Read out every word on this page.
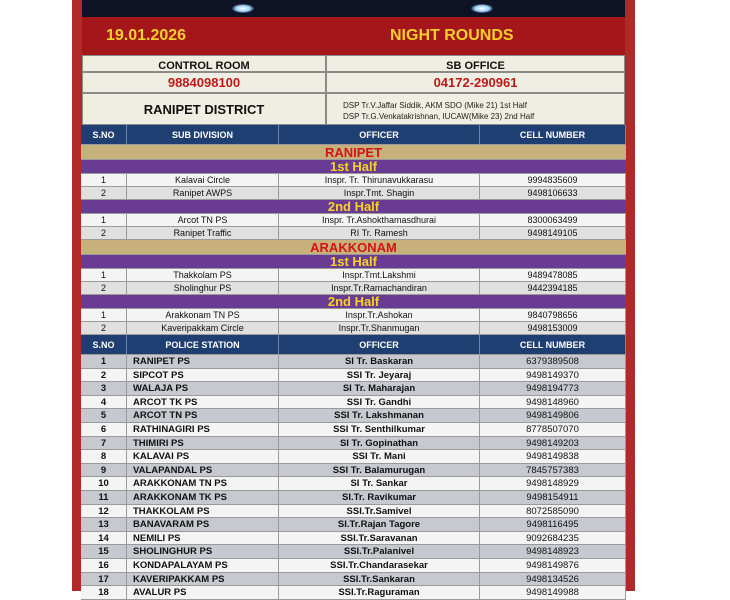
19.01.2026	NIGHT ROUNDS
CONTROL ROOM	SB OFFICE
9884098100	04172-290961
RANIPET DISTRICT	DSP Tr.V.Jaffar Siddik, AKM SDO (Mike 21) 1st Half
DSP Tr.G.Venkatakrishnan, IUCAW(Mike 23) 2nd Half
S.NO	SUB DIVISION	OFFICER	CELL NUMBER
RANIPET
1st Half
1	Kalavai Circle	Inspr. Tr. Thirunavukkarasu	9994835609
2	Ranipet AWPS	Inspr.Tmt. Shagin	9498106633
2nd Half
1	Arcot TN PS	Inspr. Tr.Ashokthamasdhurai	8300063499
2	Ranipet Traffic	RI Tr. Ramesh	9498149105
ARAKKONAM
1st Half
1	Thakkolam PS	Inspr.Tmt.Lakshmi	9489478085
2	Sholinghur PS	Inspr.Tr.Ramachandiran	9442394185
2nd Half
1	Arakkonam TN PS	Inspr.Tr.Ashokan	9840798656
2	Kaveripakkam Circle	Inspr.Tr.Shanmugan	9498153009
S.NO	POLICE STATION	OFFICER	CELL NUMBER
1	RANIPET PS	SI Tr. Baskaran	6379389508
2	SIPCOT PS	SSI Tr. Jeyaraj	9498149370
3	WALAJA PS	SI Tr. Maharajan	9498194773
4	ARCOT TK PS	SSI Tr. Gandhi	9498148960
5	ARCOT TN PS	SSI Tr. Lakshmanan	9498149806
6	RATHINAGIRI PS	SSI Tr. Senthilkumar	8778507070
7	THIMIRI PS	SI Tr. Gopinathan	9498149203
8	KALAVAI PS	SSI Tr. Mani	9498149838
9	VALAPANDAL PS	SSI Tr. Balamurugan	7845757383
10	ARAKKONAM TN PS	SI Tr. Sankar	9498148929
11	ARAKKONAM TK PS	SI.Tr. Ravikumar	9498154911
12	THAKKOLAM PS	SSI.Tr.Samivel	8072585090
13	BANAVARAM PS	SI.Tr.Rajan Tagore	9498116495
14	NEMILI PS	SSI.Tr.Saravanan	9092684235
15	SHOLINGHUR PS	SSI.Tr.Palanivel	9498148923
16	KONDAPALAYAM PS	SSI.Tr.Chandarasekar	9498149876
17	KAVERIPAKKAM PS	SSI.Tr.Sankaran	9498134526
18	AVALUR PS	SSI.Tr.Raguraman	9498149988
